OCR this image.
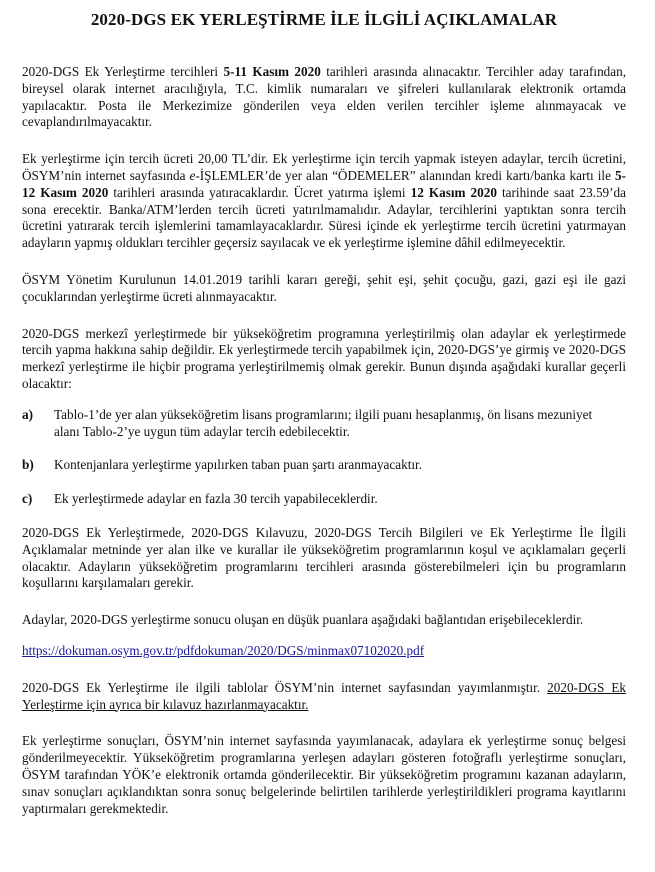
2020-DGS EK YERLEŞTİRME İLE İLGİLİ AÇIKLAMALAR

2020-DGS Ek Yerleştirme tercihleri 5-11 Kasım 2020 tarihleri arasında alınacaktır. Tercihler aday tarafından, bireysel olarak internet aracılığıyla, T.C. kimlik numaraları ve şifreleri kullanılarak elektronik ortamda yapılacaktır. Posta ile Merkezimize gönderilen veya elden verilen tercihler işleme alınmayacak ve cevaplandırılmayacaktır.

Ek yerleştirme için tercih ücreti 20,00 TL’dir. Ek yerleştirme için tercih yapmak isteyen adaylar, tercih ücretini, ÖSYM’nin internet sayfasında e-İŞLEMLER’de yer alan “ÖDEMELER” alanından kredi kartı/banka kartı ile 5-12 Kasım 2020 tarihleri arasında yatıracaklardır. Ücret yatırma işlemi 12 Kasım 2020 tarihinde saat 23.59’da sona erecektir. Banka/ATM’lerden tercih ücreti yatırılmamalıdır. Adaylar, tercihlerini yaptıktan sonra tercih ücretini yatırarak tercih işlemlerini tamamlayacaklardır. Süresi içinde ek yerleştirme tercih ücretini yatırmayan adayların yapmış oldukları tercihler geçersiz sayılacak ve ek yerleştirme işlemine dâhil edilmeyecektir.

ÖSYM Yönetim Kurulunun 14.01.2019 tarihli kararı gereği, şehit eşi, şehit çocuğu, gazi, gazi eşi ile gazi çocuklarından yerleştirme ücreti alınmayacaktır.

2020-DGS merkezî yerleştirmede bir yükseköğretim programına yerleştirilmiş olan adaylar ek yerleştirmede tercih yapma hakkına sahip değildir. Ek yerleştirmede tercih yapabilmek için, 2020-DGS’ye girmiş ve 2020-DGS merkezî yerleştirme ile hiçbir programa yerleştirilmemiş olmak gerekir. Bunun dışında aşağıdaki kurallar geçerli olacaktır:

a)	Tablo-1’de yer alan yükseköğretim lisans programlarını; ilgili puanı hesaplanmış, ön lisans mezuniyet alanı Tablo-2’ye uygun tüm adaylar tercih edebilecektir.
b)	Kontenjanlara yerleştirme yapılırken taban puan şartı aranmayacaktır.
c)	Ek yerleştirmede adaylar en fazla 30 tercih yapabileceklerdir.

2020-DGS Ek Yerleştirmede, 2020-DGS Kılavuzu, 2020-DGS Tercih Bilgileri ve Ek Yerleştirme İle İlgili Açıklamalar metninde yer alan ilke ve kurallar ile yükseköğretim programlarının koşul ve açıklamaları geçerli olacaktır. Adayların yükseköğretim programlarını tercihleri arasında gösterebilmeleri için bu programların koşullarını karşılamaları gerekir.

Adaylar, 2020-DGS yerleştirme sonucu oluşan en düşük puanlara aşağıdaki bağlantıdan erişebileceklerdir.

https://dokuman.osym.gov.tr/pdfdokuman/2020/DGS/minmax07102020.pdf

2020-DGS Ek Yerleştirme ile ilgili tablolar ÖSYM’nin internet sayfasından yayımlanmıştır. 2020-DGS Ek Yerleştirme için ayrıca bir kılavuz hazırlanmayacaktır.

Ek yerleştirme sonuçları, ÖSYM’nin internet sayfasında yayımlanacak, adaylara ek yerleştirme sonuç belgesi gönderilmeyecektir. Yükseköğretim programlarına yerleşen adayları gösteren fotoğraflı yerleştirme sonuçları, ÖSYM tarafından YÖK’e elektronik ortamda gönderilecektir. Bir yükseköğretim programını kazanan adayların, sınav sonuçları açıklandıktan sonra sonuç belgelerinde belirtilen tarihlerde yerleştirildikleri programa kayıtlarını yaptırmaları gerekmektedir.
